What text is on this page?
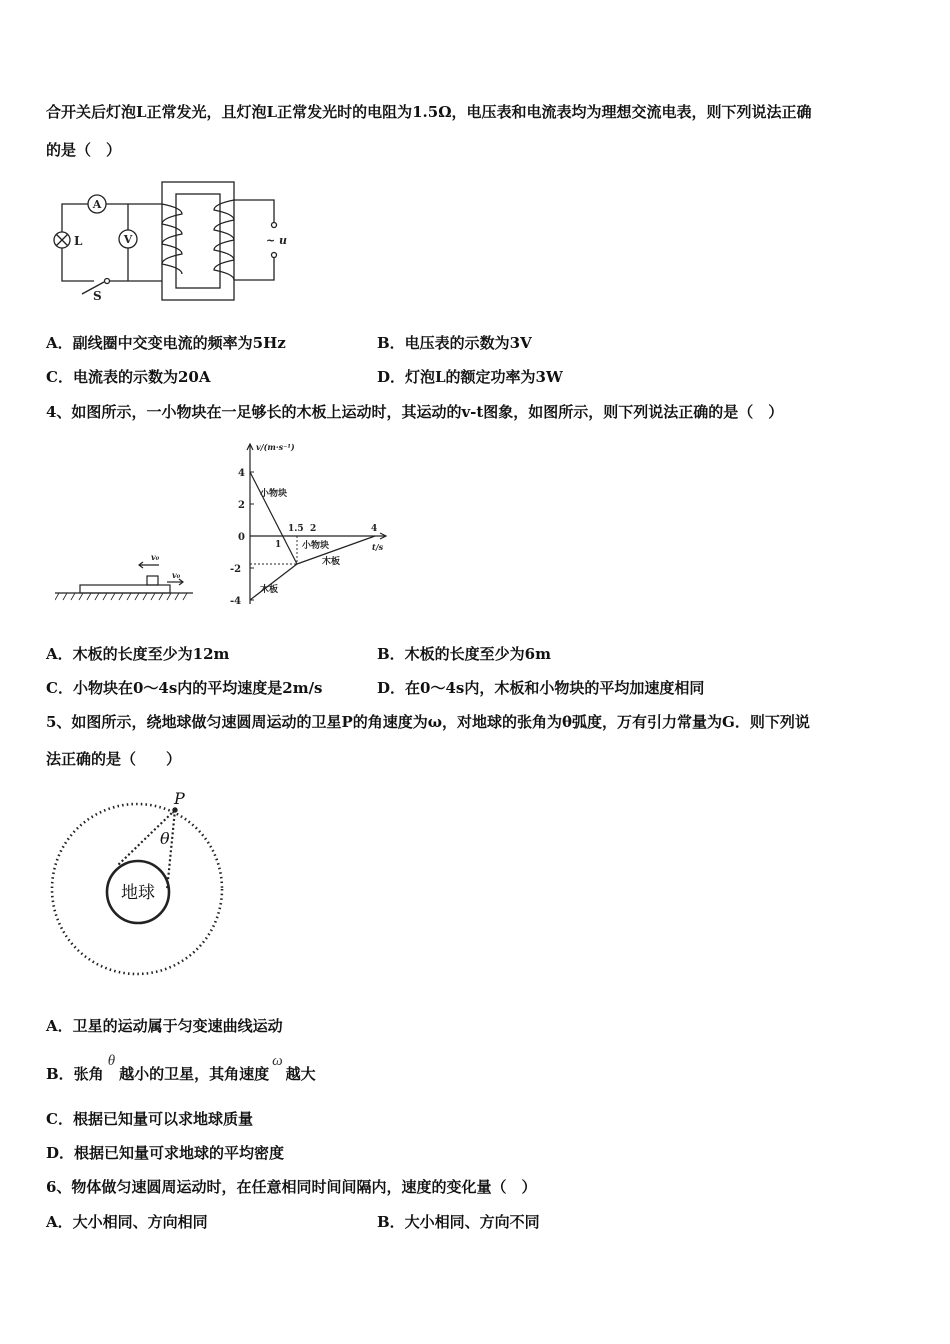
合开关后灯泡L正常发光，且灯泡L正常发光时的电阻为1.5Ω，电压表和电流表均为理想交流电表，则下列说法正确
的是（　）
A
L	V
S
~ u
A．副线圈中交变电流的频率为5Hz	B．电压表的示数为3V
C．电流表的示数为20A	D．灯泡L的额定功率为3W
4、如图所示，一小物块在一足够长的木板上运动时，其运动的v-t图象，如图所示，则下列说法正确的是（　）
v₀
v₀
v/(m·s⁻¹)
t/s
4
2
0
-2
-4
1
1.5 2	4
小物块
小物块
木板
木板
A．木板的长度至少为12m	B．木板的长度至少为6m
C．小物块在0～4s内的平均速度是2m/s	D．在0～4s内，木板和小物块的平均加速度相同
5、如图所示，绕地球做匀速圆周运动的卫星P的角速度为ω，对地球的张角为θ弧度，万有引力常量为G．则下列说
法正确的是（　　）
地球
P
θ
A．卫星的运动属于匀变速曲线运动
B．张角θ越小的卫星，其角速度ω越大
C．根据已知量可以求地球质量
D．根据已知量可求地球的平均密度
6、物体做匀速圆周运动时，在任意相同时间间隔内，速度的变化量（　）
A．大小相同、方向相同	B．大小相同、方向不同
